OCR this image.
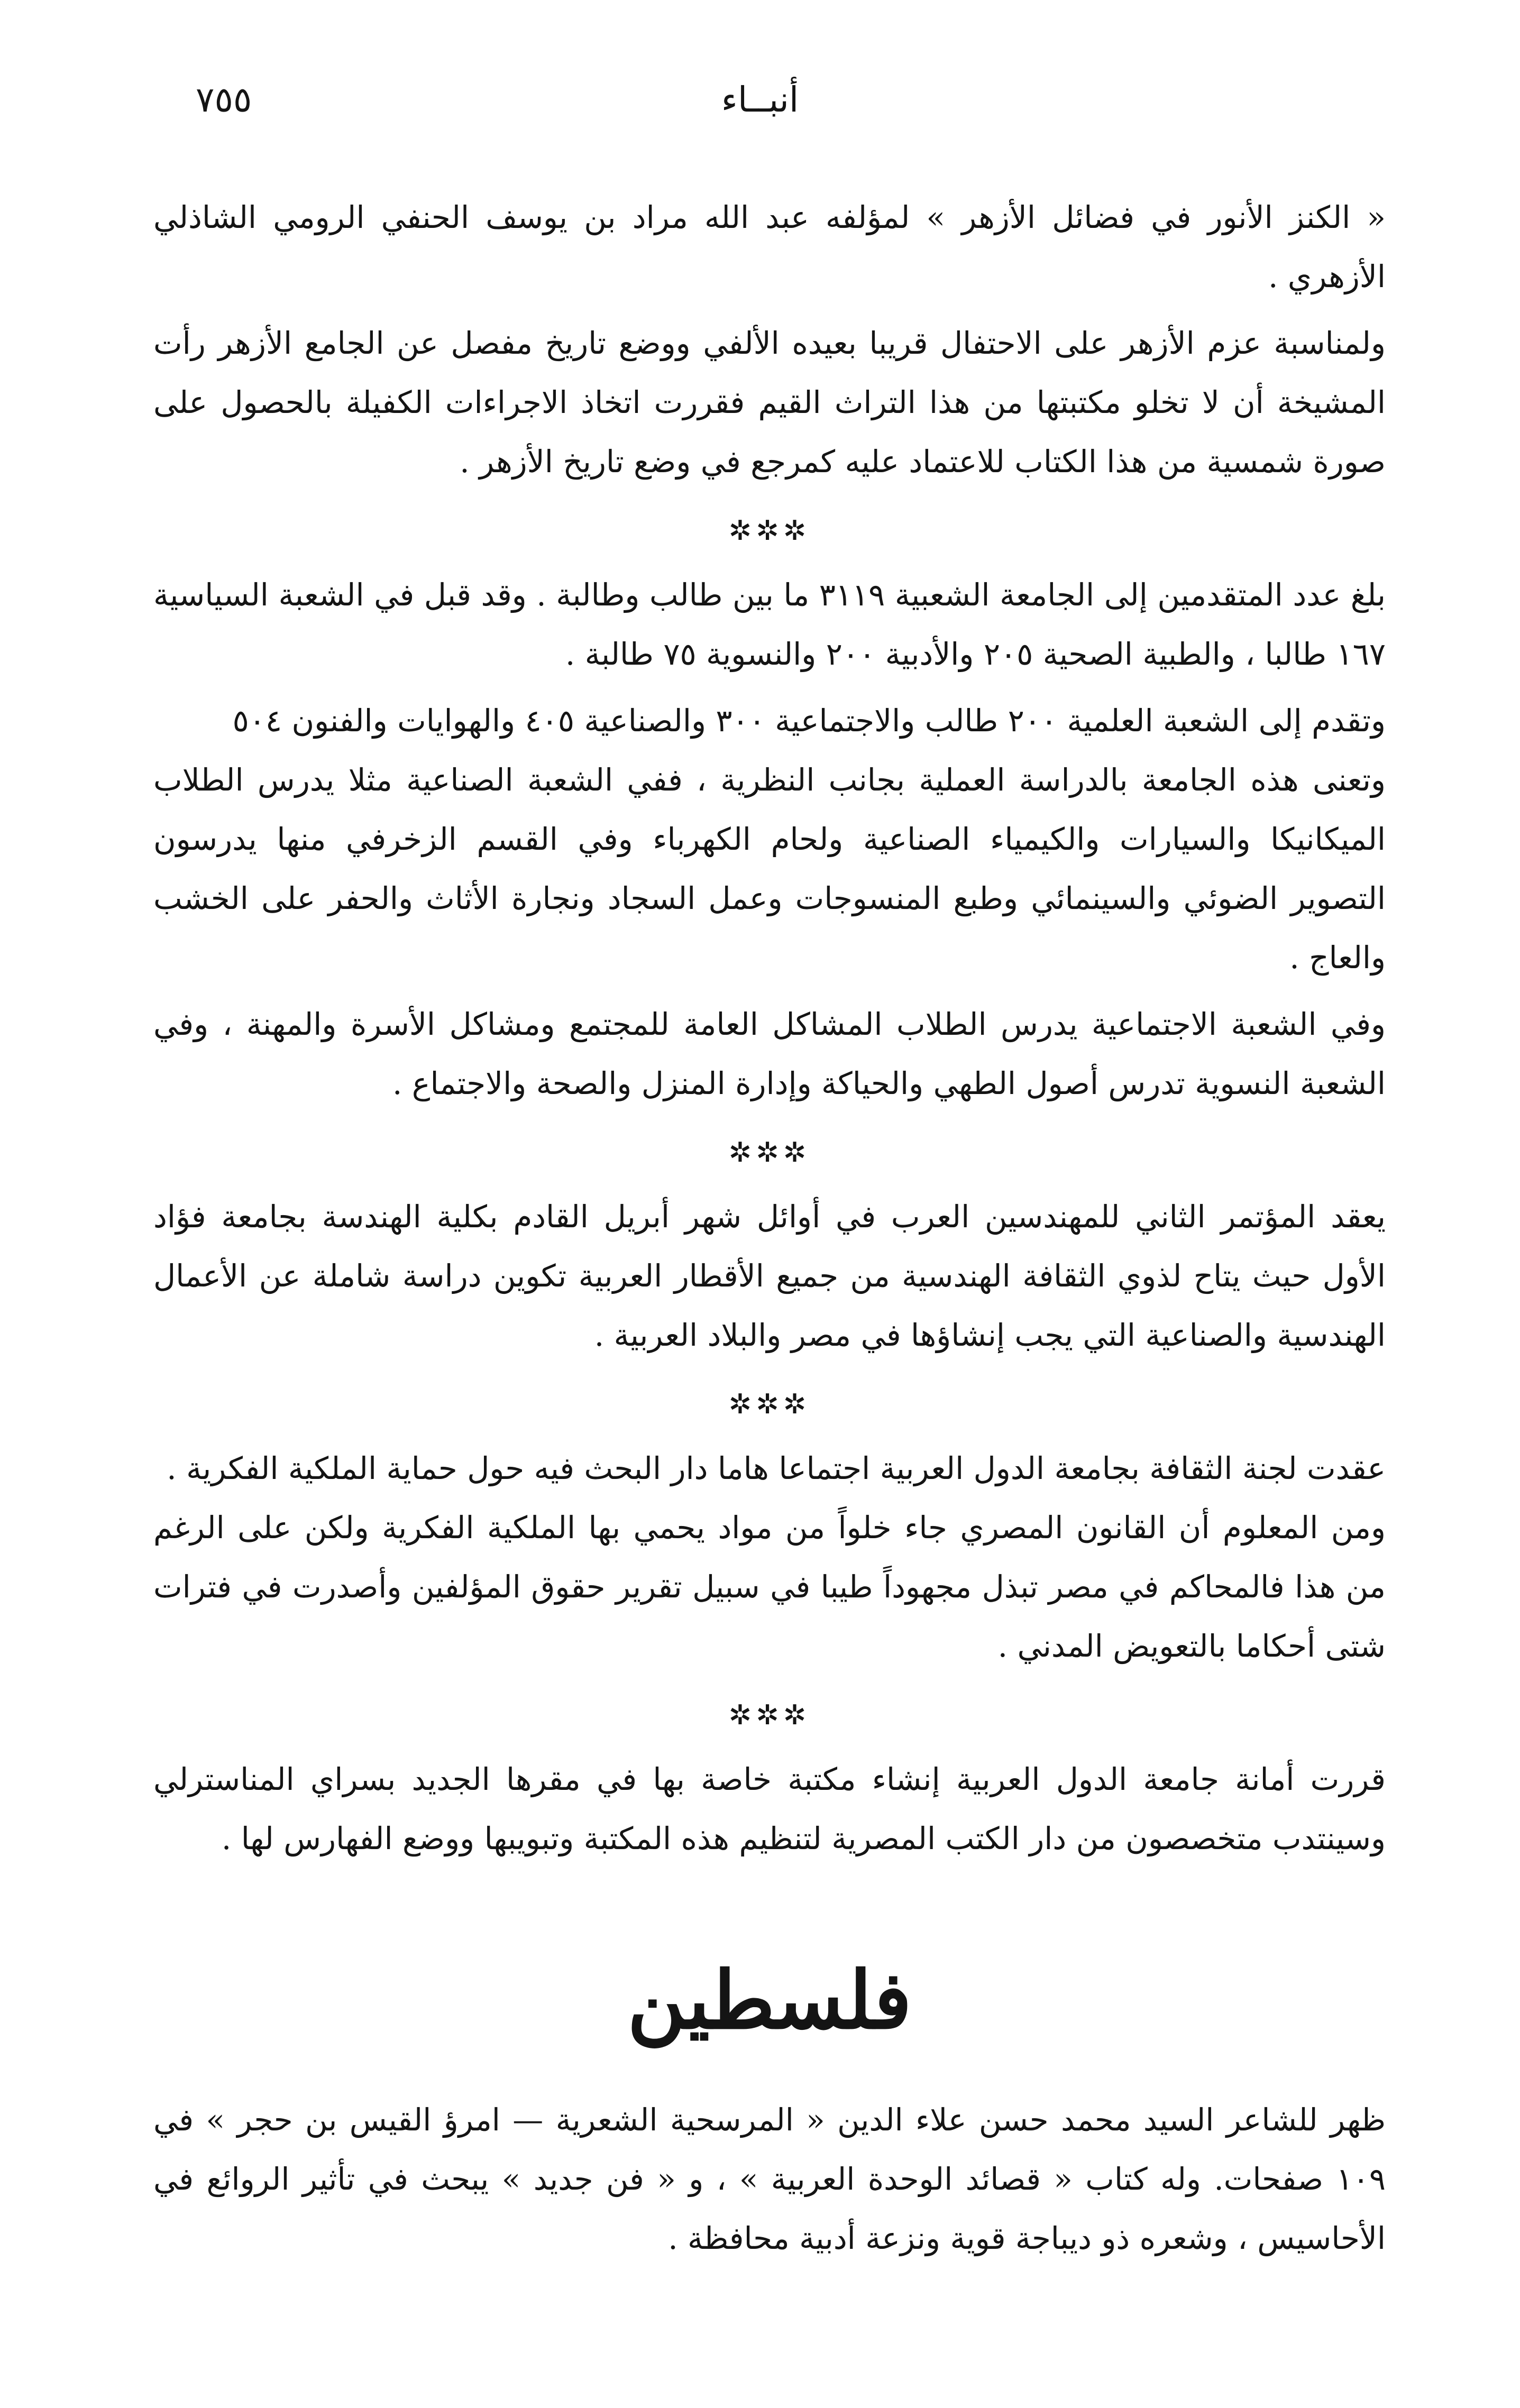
٧٥٥	أنبــاء

« الكنز الأنور في فضائل الأزهر » لمؤلفه عبد الله مراد بن يوسف الحنفي الرومي الشاذلي الأزهري .

ولمناسبة عزم الأزهر على الاحتفال قريبا بعيده الألفي ووضع تاريخ مفصل عن الجامع الأزهر رأت المشيخة أن لا تخلو مكتبتها من هذا التراث القيم فقررت اتخاذ الاجراءات الكفيلة بالحصول على صورة شمسية من هذا الكتاب للاعتماد عليه كمرجع في وضع تاريخ الأزهر .

✲✲✲

بلغ عدد المتقدمين إلى الجامعة الشعبية ٣١١٩ ما بين طالب وطالبة . وقد قبل في الشعبة السياسية ١٦٧ طالبا ، والطبية الصحية ٢٠٥ والأدبية ٢٠٠ والنسوية ٧٥ طالبة .

وتقدم إلى الشعبة العلمية ٢٠٠ طالب والاجتماعية ٣٠٠ والصناعية ٤٠٥ والهوايات والفنون ٥٠٤

وتعنى هذه الجامعة بالدراسة العملية بجانب النظرية ، ففي الشعبة الصناعية مثلا يدرس الطلاب الميكانيكا والسيارات والكيمياء الصناعية ولحام الكهرباء وفي القسم الزخرفي منها يدرسون التصوير الضوئي والسينمائي وطبع المنسوجات وعمل السجاد ونجارة الأثاث والحفر على الخشب والعاج .

وفي الشعبة الاجتماعية يدرس الطلاب المشاكل العامة للمجتمع ومشاكل الأسرة والمهنة ، وفي الشعبة النسوية تدرس أصول الطهي والحياكة وإدارة المنزل والصحة والاجتماع .

✲✲✲

يعقد المؤتمر الثاني للمهندسين العرب في أوائل شهر أبريل القادم بكلية الهندسة بجامعة فؤاد الأول حيث يتاح لذوي الثقافة الهندسية من جميع الأقطار العربية تكوين دراسة شاملة عن الأعمال الهندسية والصناعية التي يجب إنشاؤها في مصر والبلاد العربية .

✲✲✲

عقدت لجنة الثقافة بجامعة الدول العربية اجتماعا هاما دار البحث فيه حول حماية الملكية الفكرية .

ومن المعلوم أن القانون المصري جاء خلواً من مواد يحمي بها الملكية الفكرية ولكن على الرغم من هذا فالمحاكم في مصر تبذل مجهوداً طيبا في سبيل تقرير حقوق المؤلفين وأصدرت في فترات شتى أحكاما بالتعويض المدني .

✲✲✲

قررت أمانة جامعة الدول العربية إنشاء مكتبة خاصة بها في مقرها الجديد بسراي المناسترلي وسينتدب متخصصون من دار الكتب المصرية لتنظيم هذه المكتبة وتبويبها ووضع الفهارس لها .

فلسطين

ظهر للشاعر السيد محمد حسن علاء الدين « المرسحية الشعرية — امرؤ القيس بن حجر » في ١٠٩ صفحات. وله كتاب « قصائد الوحدة العربية » ، و « فن جديد » يبحث في تأثير الروائع في الأحاسيس ، وشعره ذو ديباجة قوية ونزعة أدبية محافظة .
